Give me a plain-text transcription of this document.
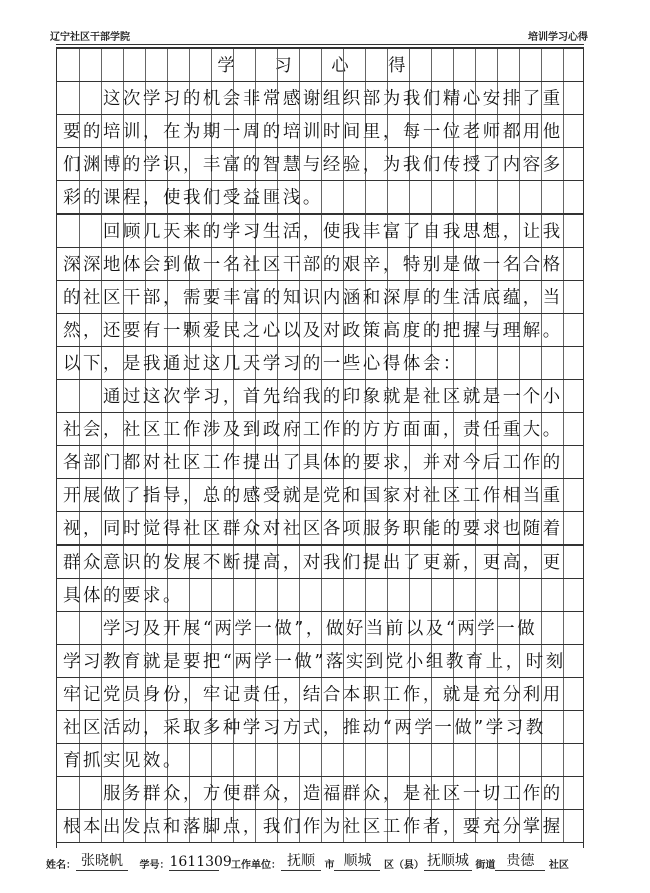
辽宁社区干部学院	培训学习心得
学 习 心 得
　　这次学习的机会非常感谢组织部为我们精心安排了重
要的培训，在为期一周的培训时间里，每一位老师都用他
们渊博的学识，丰富的智慧与经验，为我们传授了内容多
彩的课程，使我们受益匪浅。
　　回顾几天来的学习生活，使我丰富了自我思想，让我
深深地体会到做一名社区干部的艰辛，特别是做一名合格
的社区干部，需要丰富的知识内涵和深厚的生活底蕴，当
然，还要有一颗爱民之心以及对政策高度的把握与理解。
以下，是我通过这几天学习的一些心得体会：
　　通过这次学习，首先给我的印象就是社区就是一个小
社会，社区工作涉及到政府工作的方方面面，责任重大。
各部门都对社区工作提出了具体的要求，并对今后工作的
开展做了指导，总的感受就是党和国家对社区工作相当重
视，同时觉得社区群众对社区各项服务职能的要求也随着
群众意识的发展不断提高，对我们提出了更新，更高，更
具体的要求。
　　学习及开展“两学一做”，做好当前以及“两学一做
学习教育就是要把“两学一做”落实到党小组教育上，时刻
牢记党员身份，牢记责任，结合本职工作，就是充分利用
社区活动，采取多种学习方式，推动“两学一做”学习教
育抓实见效。
　　服务群众，方便群众，造福群众，是社区一切工作的
根本出发点和落脚点，我们作为社区工作者，要充分掌握
姓名： 张晓帆 学号：1611309 工作单位： 抚顺 市 顺城 区（县） 抚顺城 街道 贵德 社区
